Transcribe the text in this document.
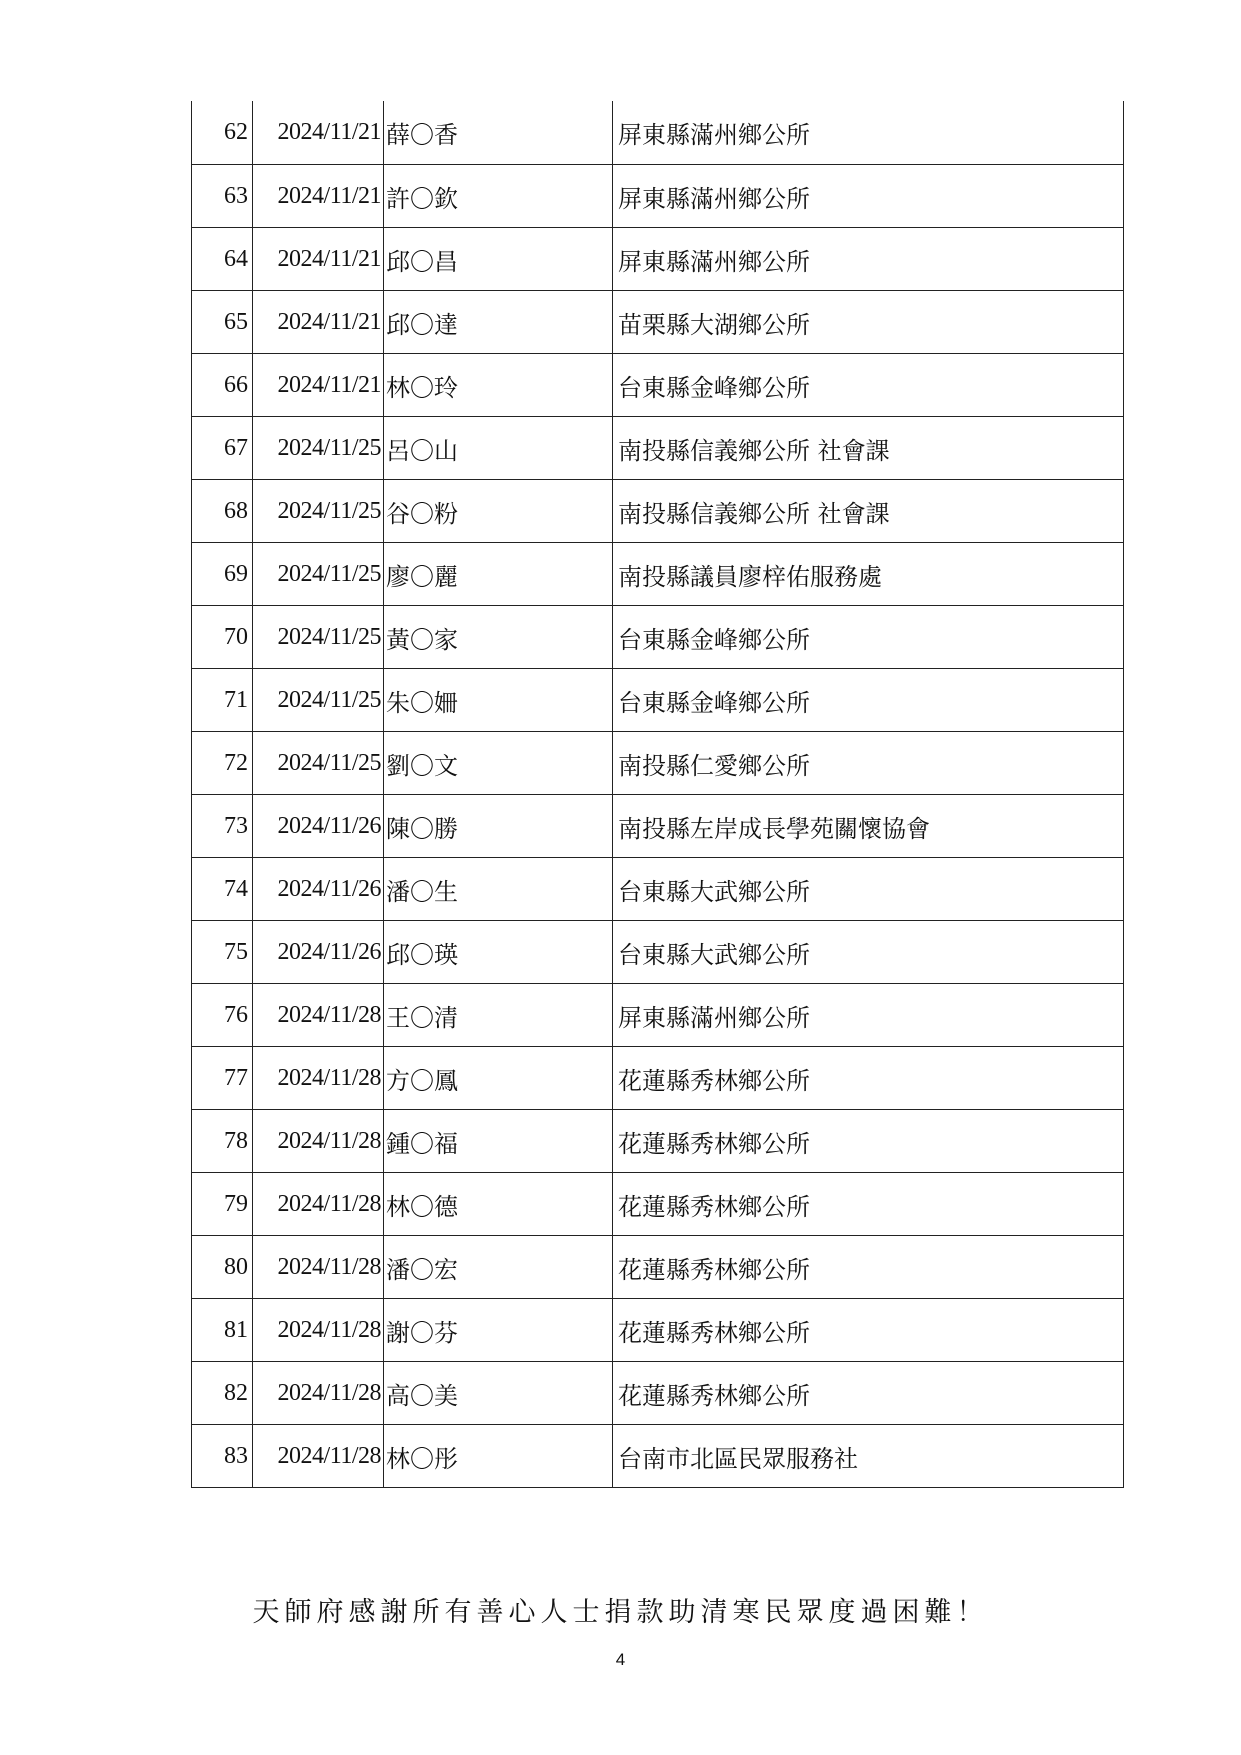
62	2024/11/21	薛〇香	屏東縣滿州鄉公所
63	2024/11/21	許〇欽	屏東縣滿州鄉公所
64	2024/11/21	邱〇昌	屏東縣滿州鄉公所
65	2024/11/21	邱〇達	苗栗縣大湖鄉公所
66	2024/11/21	林〇玲	台東縣金峰鄉公所
67	2024/11/25	呂〇山	南投縣信義鄉公所 社會課
68	2024/11/25	谷〇粉	南投縣信義鄉公所 社會課
69	2024/11/25	廖〇麗	南投縣議員廖梓佑服務處
70	2024/11/25	黃〇家	台東縣金峰鄉公所
71	2024/11/25	朱〇姍	台東縣金峰鄉公所
72	2024/11/25	劉〇文	南投縣仁愛鄉公所
73	2024/11/26	陳〇勝	南投縣左岸成長學苑關懷協會
74	2024/11/26	潘〇生	台東縣大武鄉公所
75	2024/11/26	邱〇瑛	台東縣大武鄉公所
76	2024/11/28	王〇清	屏東縣滿州鄉公所
77	2024/11/28	方〇鳳	花蓮縣秀林鄉公所
78	2024/11/28	鍾〇福	花蓮縣秀林鄉公所
79	2024/11/28	林〇德	花蓮縣秀林鄉公所
80	2024/11/28	潘〇宏	花蓮縣秀林鄉公所
81	2024/11/28	謝〇芬	花蓮縣秀林鄉公所
82	2024/11/28	高〇美	花蓮縣秀林鄉公所
83	2024/11/28	林〇彤	台南市北區民眾服務社
天師府感謝所有善心人士捐款助清寒民眾度過困難！
4
